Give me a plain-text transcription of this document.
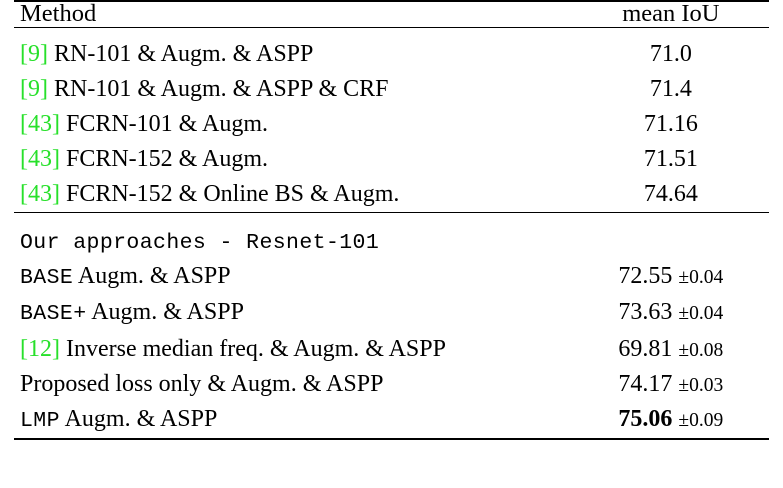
Method	mean IoU

[9] RN-101 & Augm. & ASPP	71.0
[9] RN-101 & Augm. & ASPP & CRF	71.4
[43] FCRN-101 & Augm.	71.16
[43] FCRN-152 & Augm.	71.51
[43] FCRN-152 & Online BS & Augm.	74.64

Our approaches - Resnet-101	
BASE Augm. & ASPP	72.55 ±0.04
BASE+ Augm. & ASPP	73.63 ±0.04
[12] Inverse median freq. & Augm. & ASPP	69.81 ±0.08
Proposed loss only & Augm. & ASPP	74.17 ±0.03
LMP Augm. & ASPP	75.06 ±0.09
